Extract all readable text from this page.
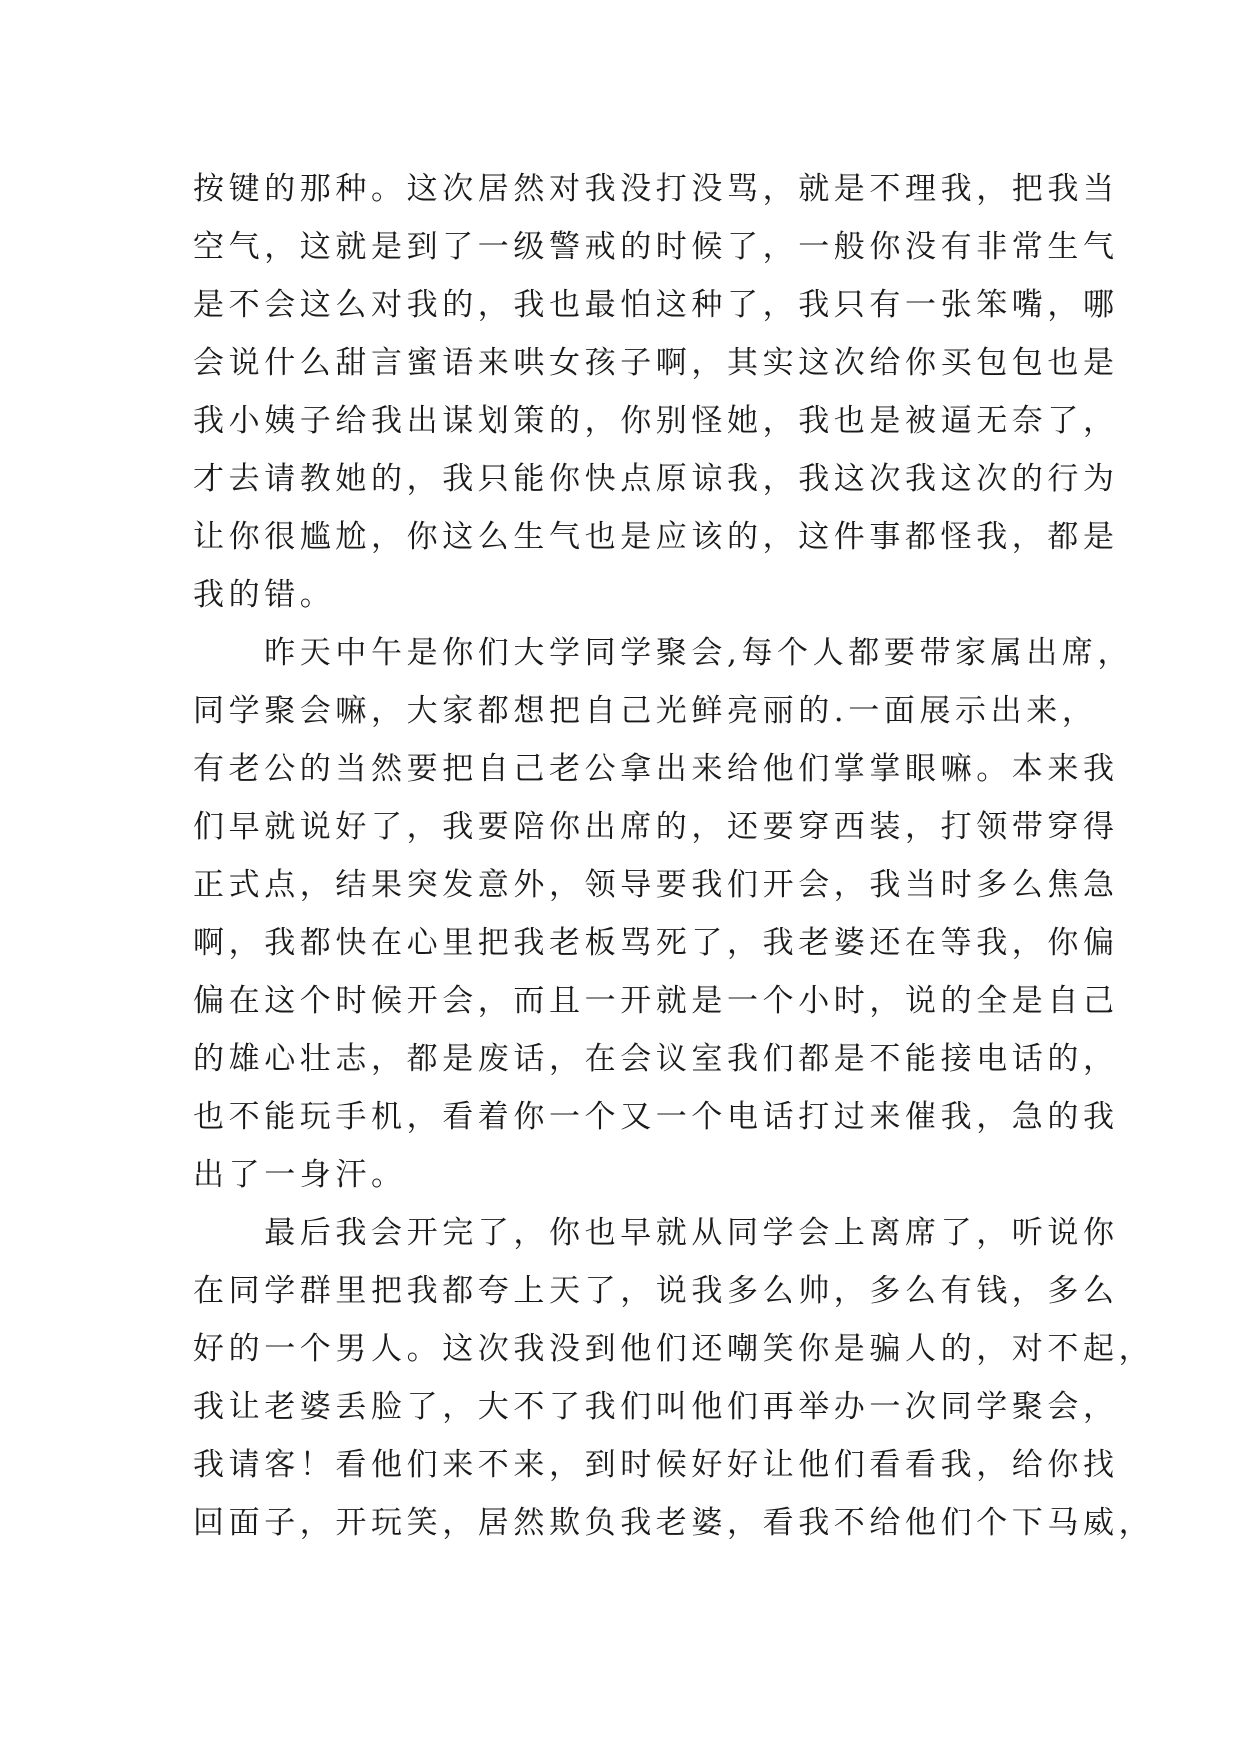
按键的那种。这次居然对我没打没骂，就是不理我，把我当
空气，这就是到了一级警戒的时候了，一般你没有非常生气
是不会这么对我的，我也最怕这种了，我只有一张笨嘴，哪
会说什么甜言蜜语来哄女孩子啊，其实这次给你买包包也是
我小姨子给我出谋划策的，你别怪她，我也是被逼无奈了，
才去请教她的，我只能你快点原谅我，我这次我这次的行为
让你很尴尬，你这么生气也是应该的，这件事都怪我，都是
我的错。
　　昨天中午是你们大学同学聚会,每个人都要带家属出席，
同学聚会嘛，大家都想把自己光鲜亮丽的.一面展示出来，
有老公的当然要把自己老公拿出来给他们掌掌眼嘛。本来我
们早就说好了，我要陪你出席的，还要穿西装，打领带穿得
正式点，结果突发意外，领导要我们开会，我当时多么焦急
啊，我都快在心里把我老板骂死了，我老婆还在等我，你偏
偏在这个时候开会，而且一开就是一个小时，说的全是自己
的雄心壮志，都是废话，在会议室我们都是不能接电话的，
也不能玩手机，看着你一个又一个电话打过来催我，急的我
出了一身汗。
　　最后我会开完了，你也早就从同学会上离席了，听说你
在同学群里把我都夸上天了，说我多么帅，多么有钱，多么
好的一个男人。这次我没到他们还嘲笑你是骗人的，对不起，
我让老婆丢脸了，大不了我们叫他们再举办一次同学聚会，
我请客！看他们来不来，到时候好好让他们看看我，给你找
回面子，开玩笑，居然欺负我老婆，看我不给他们个下马威，
